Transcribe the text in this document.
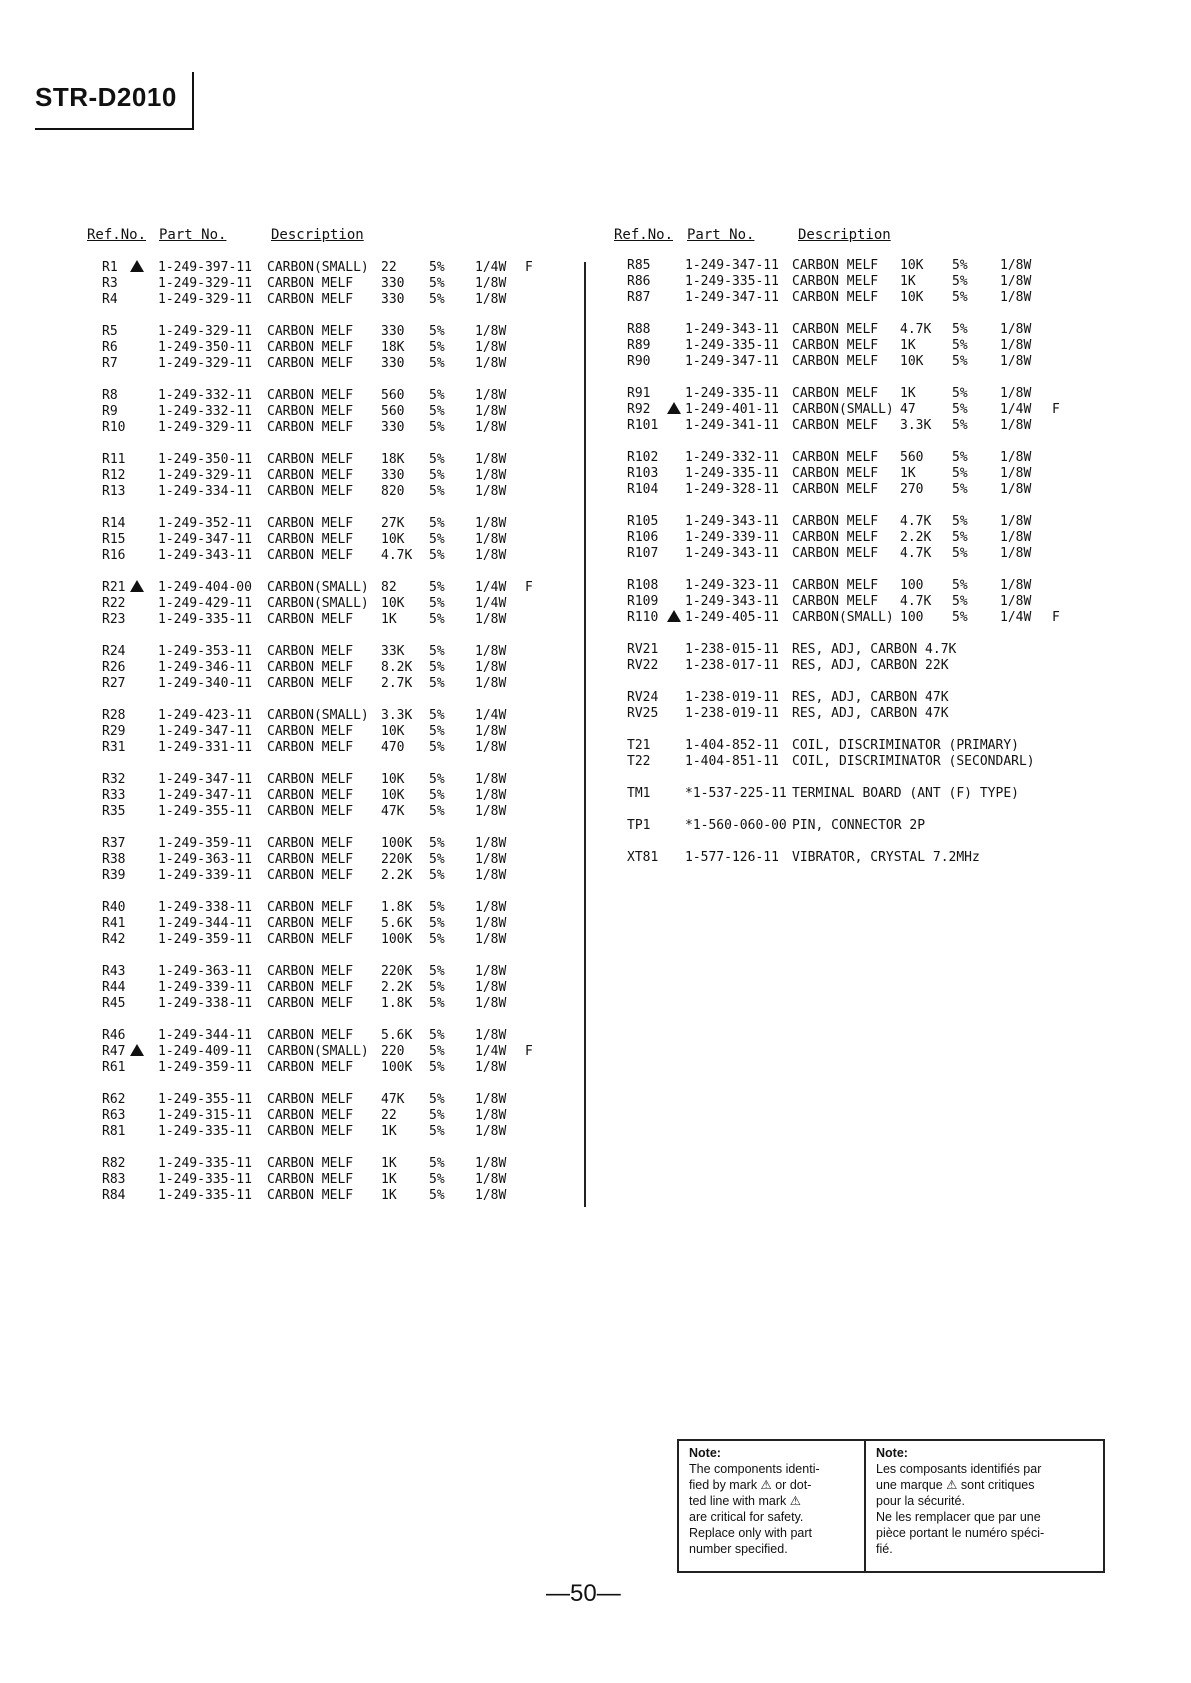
STR-D2010
Ref.No. Part No.	Description	Ref.No. Part No.	Description
R1	1-249-397-11 CARBON(SMALL) 22 5% 1/4W F
R3	1-249-329-11 CARBON MELF 330 5% 1/8W
R4	1-249-329-11 CARBON MELF 330 5% 1/8W
R5	1-249-329-11 CARBON MELF 330 5% 1/8W
R6	1-249-350-11 CARBON MELF 18K 5% 1/8W
R7	1-249-329-11 CARBON MELF 330 5% 1/8W
R8	1-249-332-11 CARBON MELF 560 5% 1/8W
R9	1-249-332-11 CARBON MELF 560 5% 1/8W
R10	1-249-329-11 CARBON MELF 330 5% 1/8W
R11	1-249-350-11 CARBON MELF 18K 5% 1/8W
R12	1-249-329-11 CARBON MELF 330 5% 1/8W
R13	1-249-334-11 CARBON MELF 820 5% 1/8W
R14	1-249-352-11 CARBON MELF 27K 5% 1/8W
R15	1-249-347-11 CARBON MELF 10K 5% 1/8W
R16	1-249-343-11 CARBON MELF 4.7K 5% 1/8W
R21	1-249-404-00 CARBON(SMALL) 82 5% 1/4W F
R22	1-249-429-11 CARBON(SMALL) 10K 5% 1/4W
R23	1-249-335-11 CARBON MELF 1K 5% 1/8W
R24	1-249-353-11 CARBON MELF 33K 5% 1/8W
R26	1-249-346-11 CARBON MELF 8.2K 5% 1/8W
R27	1-249-340-11 CARBON MELF 2.7K 5% 1/8W
R28	1-249-423-11 CARBON(SMALL) 3.3K 5% 1/4W
R29	1-249-347-11 CARBON MELF 10K 5% 1/8W
R31	1-249-331-11 CARBON MELF 470 5% 1/8W
R32	1-249-347-11 CARBON MELF 10K 5% 1/8W
R33	1-249-347-11 CARBON MELF 10K 5% 1/8W
R35	1-249-355-11 CARBON MELF 47K 5% 1/8W
R37	1-249-359-11 CARBON MELF 100K 5% 1/8W
R38	1-249-363-11 CARBON MELF 220K 5% 1/8W
R39	1-249-339-11 CARBON MELF 2.2K 5% 1/8W
R40	1-249-338-11 CARBON MELF 1.8K 5% 1/8W
R41	1-249-344-11 CARBON MELF 5.6K 5% 1/8W
R42	1-249-359-11 CARBON MELF 100K 5% 1/8W
R43	1-249-363-11 CARBON MELF 220K 5% 1/8W
R44	1-249-339-11 CARBON MELF 2.2K 5% 1/8W
R45	1-249-338-11 CARBON MELF 1.8K 5% 1/8W
R46	1-249-344-11 CARBON MELF 5.6K 5% 1/8W
R47	1-249-409-11 CARBON(SMALL) 220 5% 1/4W F
R61	1-249-359-11 CARBON MELF 100K 5% 1/8W
R62	1-249-355-11 CARBON MELF 47K 5% 1/8W
R63	1-249-315-11 CARBON MELF 22 5% 1/8W
R81	1-249-335-11 CARBON MELF 1K 5% 1/8W
R82	1-249-335-11 CARBON MELF 1K 5% 1/8W
R83	1-249-335-11 CARBON MELF 1K 5% 1/8W
R84	1-249-335-11 CARBON MELF 1K 5% 1/8W
R85	1-249-347-11 CARBON MELF 10K 5% 1/8W
R86	1-249-335-11 CARBON MELF 1K	5% 1/8W
R87	1-249-347-11 CARBON MELF 10K 5% 1/8W
R88	1-249-343-11 CARBON MELF 4.7K 5% 1/8W
R89	1-249-335-11 CARBON MELF 1K	5% 1/8W
R90	1-249-347-11 CARBON MELF 10K 5% 1/8W
R91	1-249-335-11 CARBON MELF 1K	5% 1/8W
R92	1-249-401-11 CARBON(SMALL) 47	5% 1/4W F
R101 1-249-341-11 CARBON MELF 3.3K 5% 1/8W
R102 1-249-332-11 CARBON MELF 560 5% 1/8W
R103 1-249-335-11 CARBON MELF 1K	5% 1/8W
R104 1-249-328-11 CARBON MELF 270 5% 1/8W
R105 1-249-343-11 CARBON MELF 4.7K 5% 1/8W
R106 1-249-339-11 CARBON MELF 2.2K 5% 1/8W
R107 1-249-343-11 CARBON MELF 4.7K 5% 1/8W
R108 1-249-323-11 CARBON MELF 100 5% 1/8W
R109 1-249-343-11 CARBON MELF 4.7K 5% 1/8W
R110 1-249-405-11 CARBON(SMALL) 100 5% 1/4W F
RV21 1-238-015-11 RES, ADJ, CARBON 4.7K
RV22 1-238-017-11 RES, ADJ, CARBON 22K
RV24 1-238-019-11 RES, ADJ, CARBON 47K
RV25 1-238-019-11 RES, ADJ, CARBON 47K
T21	1-404-852-11 COIL, DISCRIMINATOR (PRIMARY)
T22	1-404-851-11 COIL, DISCRIMINATOR (SECONDARL)
TM1	*1-537-225-11 TERMINAL BOARD (ANT (F) TYPE)
TP1	*1-560-060-00 PIN, CONNECTOR 2P
XT81 1-577-126-11 VIBRATOR, CRYSTAL 7.2MHz
Note:
The components identi-
fied by mark ⚠ or dot-
ted line with mark ⚠
are critical for safety.
Replace only with part
number specified.
Note:
Les composants identifiés par
une marque ⚠ sont critiques
pour la sécurité.
Ne les remplacer que par une
pièce portant le numéro spéci-
fié.
—50—
